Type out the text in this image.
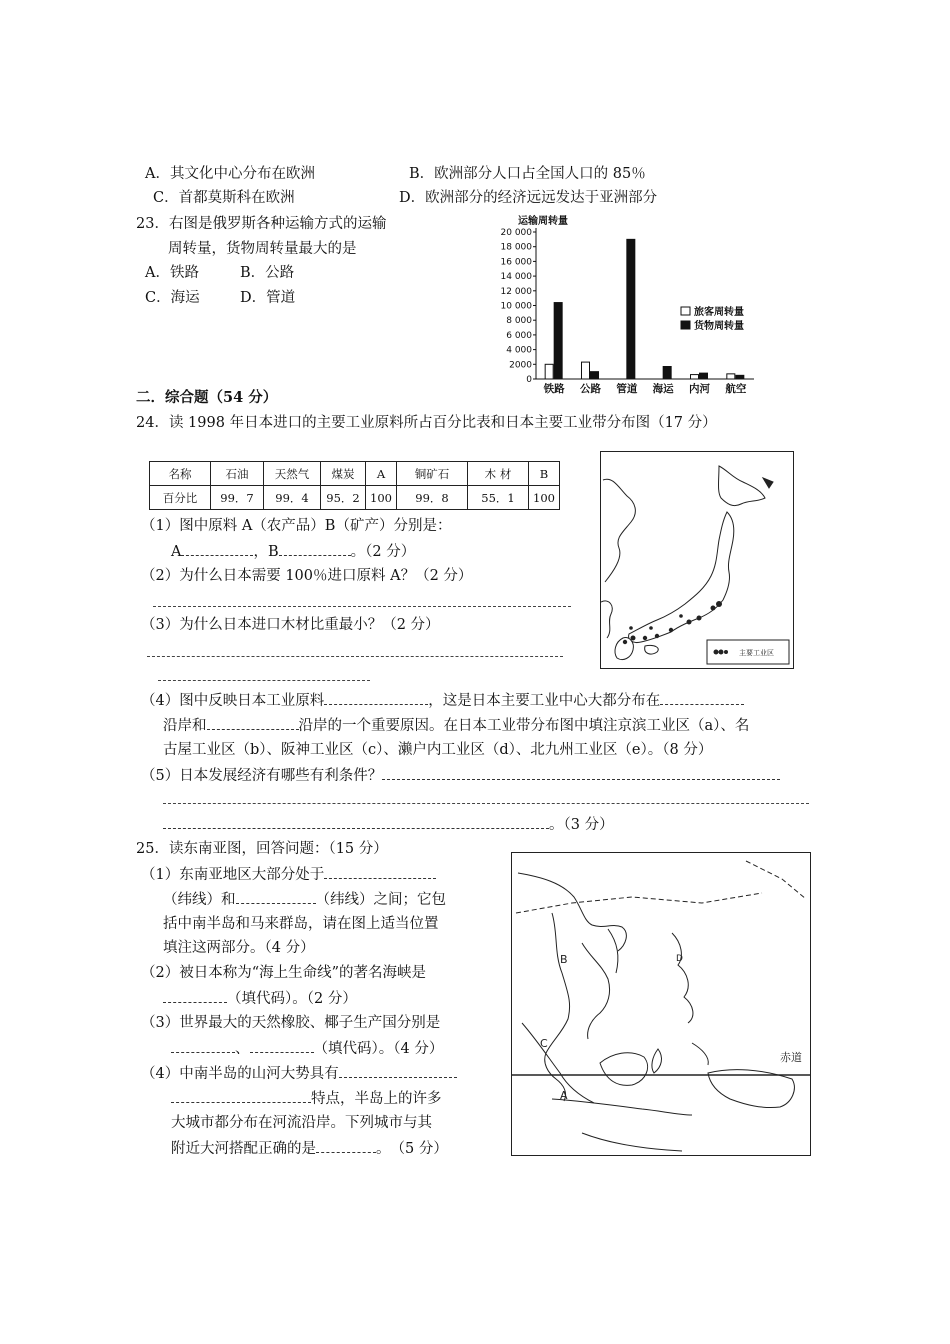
A．其文化中心分布在欧洲	B．欧洲部分人口占全国人口的 85％
C．首都莫斯科在欧洲	D．欧洲部分的经济远远发达于亚洲部分
23．右图是俄罗斯各种运输方式的运输
周转量，货物周转量最大的是
A．铁路	B．公路
C．海运	D．管道
运输周转量
0
2000
4 000
6 000
8 000
10 000
12 000
14 000
16 000
18 000
20 000
铁路 公路 管道 海运 内河 航空
旅客周转量
货物周转量
二．综合题（54 分）
24．读 1998 年日本进口的主要工业原料所占百分比表和日本主要工业带分布图（17 分）
名称	石油	天然气	煤炭	A	铜矿石	木 材	B
百分比	99．7	99．4	95．2	100	99．8	55．1	100
主要工业区
（1）图中原料 A（农产品）B（矿产）分别是：
A	，B	。（2 分）
（2）为什么日本需要 100％进口原料 A？（2 分）
（3）为什么日本进口木材比重最小？（2 分）
（4）图中反映日本工业原料	，这是日本主要工业中心大都分布在
沿岸和	沿岸的一个重要原因。在日本工业带分布图中填注京滨工业区（a）、名
古屋工业区（b）、阪神工业区（c）、濑户内工业区（d）、北九州工业区（e）。（8 分）
（5）日本发展经济有哪些有利条件？
。（3 分）
25．读东南亚图，回答问题：（15 分）
（1）东南亚地区大部分处于
（纬线）和	（纬线）之间；它包
括中南半岛和马来群岛，请在图上适当位置
填注这两部分。（4 分）
（2）被日本称为“海上生命线”的著名海峡是
（填代码）。（2 分）
（3）世界最大的天然橡胶、椰子生产国分别是
、	（填代码）。（4 分）
（4）中南半岛的山河大势具有
特点，半岛上的许多
大城市都分布在河流沿岸。下列城市与其
附近大河搭配正确的是	。　（5 分）
赤道
A
B
C
D
